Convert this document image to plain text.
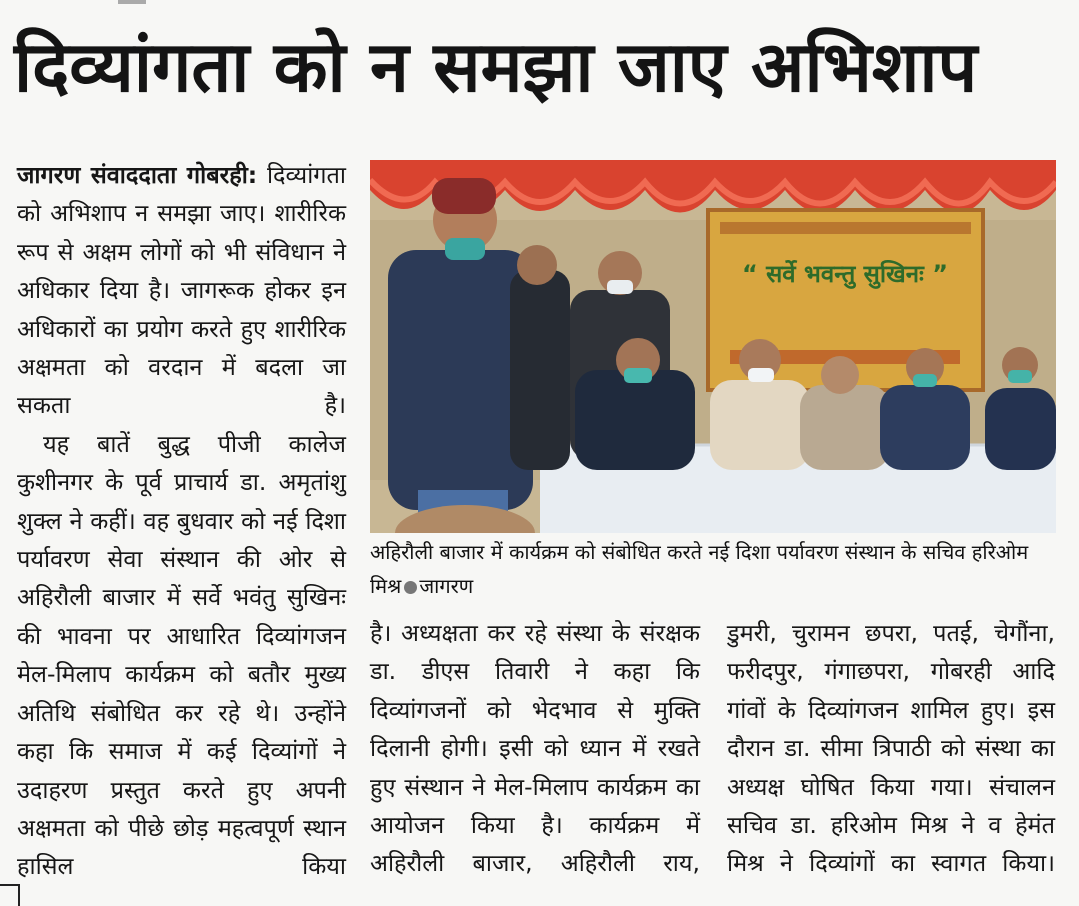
दिव्यांगता को न समझा जाए अभिशाप

जागरण संवाददाता गोबरही: दिव्यांगता को अभिशाप न समझा जाए। शारीरिक रूप से अक्षम लोगों को भी संविधान ने अधिकार दिया है। जागरूक होकर इन अधिकारों का प्रयोग करते हुए शारीरिक अक्षमता को वरदान में बदला जा सकता है।

यह बातें बुद्ध पीजी कालेज कुशीनगर के पूर्व प्राचार्य डा. अमृतांशु शुक्ल ने कहीं। वह बुधवार को नई दिशा पर्यावरण सेवा संस्थान की ओर से अहिरौली बाजार में सर्वे भवंतु सुखिनः की भावना पर आधारित दिव्यांगजन मेल-मिलाप कार्यक्रम को बतौर मुख्य अतिथि संबोधित कर रहे थे। उन्होंने कहा कि समाज में कई दिव्यांगों ने उदाहरण प्रस्तुत करते हुए अपनी अक्षमता को पीछे छोड़ महत्वपूर्ण स्थान हासिल किया

“ सर्वे भवन्तु सुखिनः ”
अहिरौली बाजार में कार्यक्रम को संबोधित करते नई दिशा पर्यावरण संस्थान के सचिव हरिओम मिश्र जागरण

है। अध्यक्षता कर रहे संस्था के संरक्षक डा. डीएस तिवारी ने कहा कि दिव्यांगजनों को भेदभाव से मुक्ति दिलानी होगी। इसी को ध्यान में रखते हुए संस्थान ने मेल-मिलाप कार्यक्रम का आयोजन किया है। कार्यक्रम में अहिरौली बाजार, अहिरौली राय,

डुमरी, चुरामन छपरा, पतई, चेगौंना, फरीदपुर, गंगाछपरा, गोबरही आदि गांवों के दिव्यांगजन शामिल हुए। इस दौरान डा. सीमा त्रिपाठी को संस्था का अध्यक्ष घोषित किया गया। संचालन सचिव डा. हरिओम मिश्र ने व हेमंत मिश्र ने दिव्यांगों का स्वागत किया।
